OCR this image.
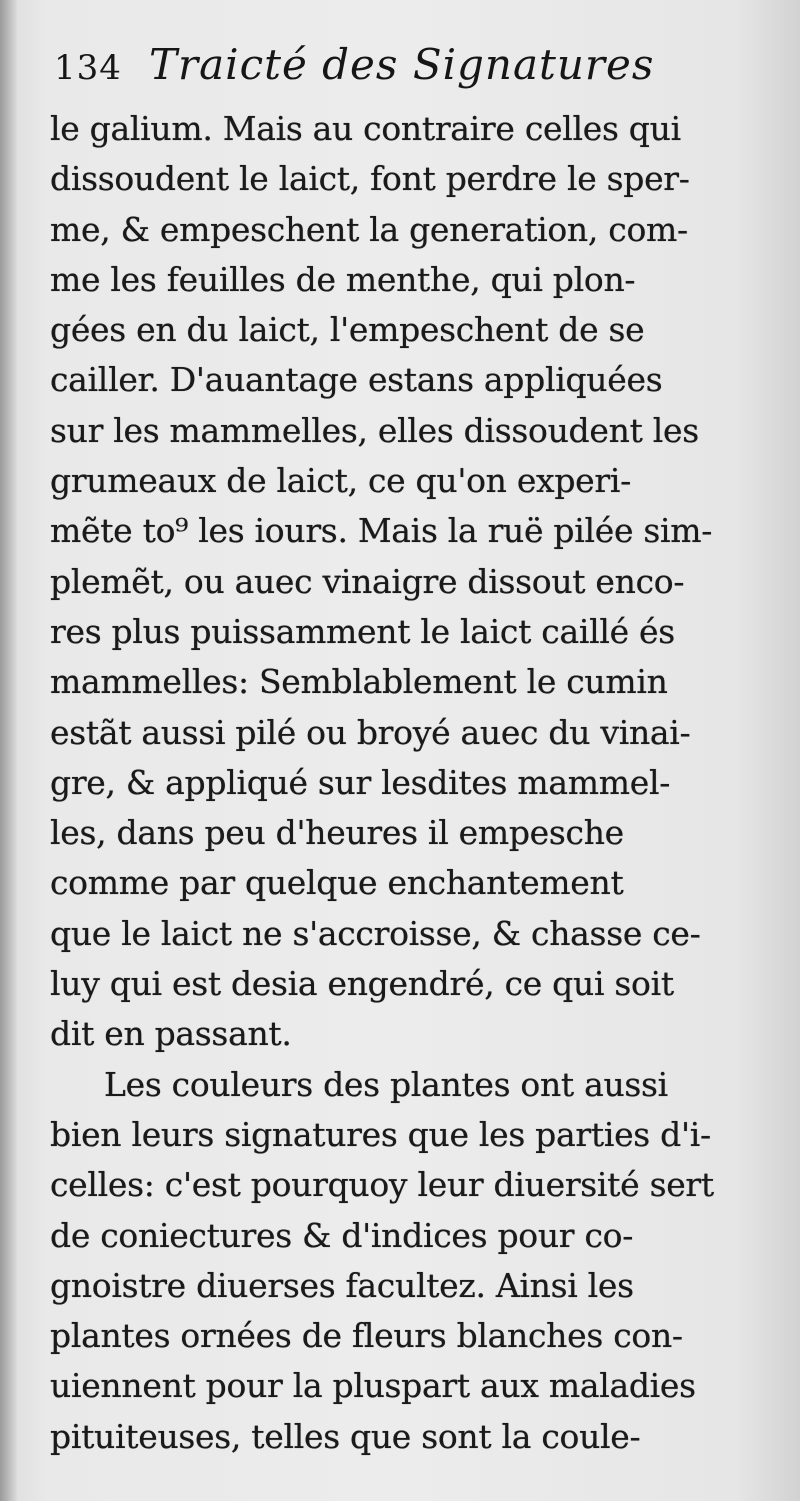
134 Traicté des Signatures
le galium. Mais au contraire celles qui
dissoudent le laict, font perdre le sper-
me, & empeschent la generation, com-
me les feuilles de menthe, qui plon-
gées en du laict, l'empeschent de se
cailler. D'auantage estans appliquées
sur les mammelles, elles dissoudent les
grumeaux de laict, ce qu'on experi-
mẽte to⁹ les iours. Mais la ruë pilée sim-
plemẽt, ou auec vinaigre dissout enco-
res plus puissamment le laict caillé és
mammelles: Semblablement le cumin
estãt aussi pilé ou broyé auec du vinai-
gre, & appliqué sur lesdites mammel-
les, dans peu d'heures il empesche
comme par quelque enchantement
que le laict ne s'accroisse, & chasse ce-
luy qui est desia engendré, ce qui soit
dit en passant.
Les couleurs des plantes ont aussi
bien leurs signatures que les parties d'i-
celles: c'est pourquoy leur diuersité sert
de coniectures & d'indices pour co-
gnoistre diuerses facultez. Ainsi les
plantes ornées de fleurs blanches con-
uiennent pour la pluspart aux maladies
pituiteuses, telles que sont la coule-
